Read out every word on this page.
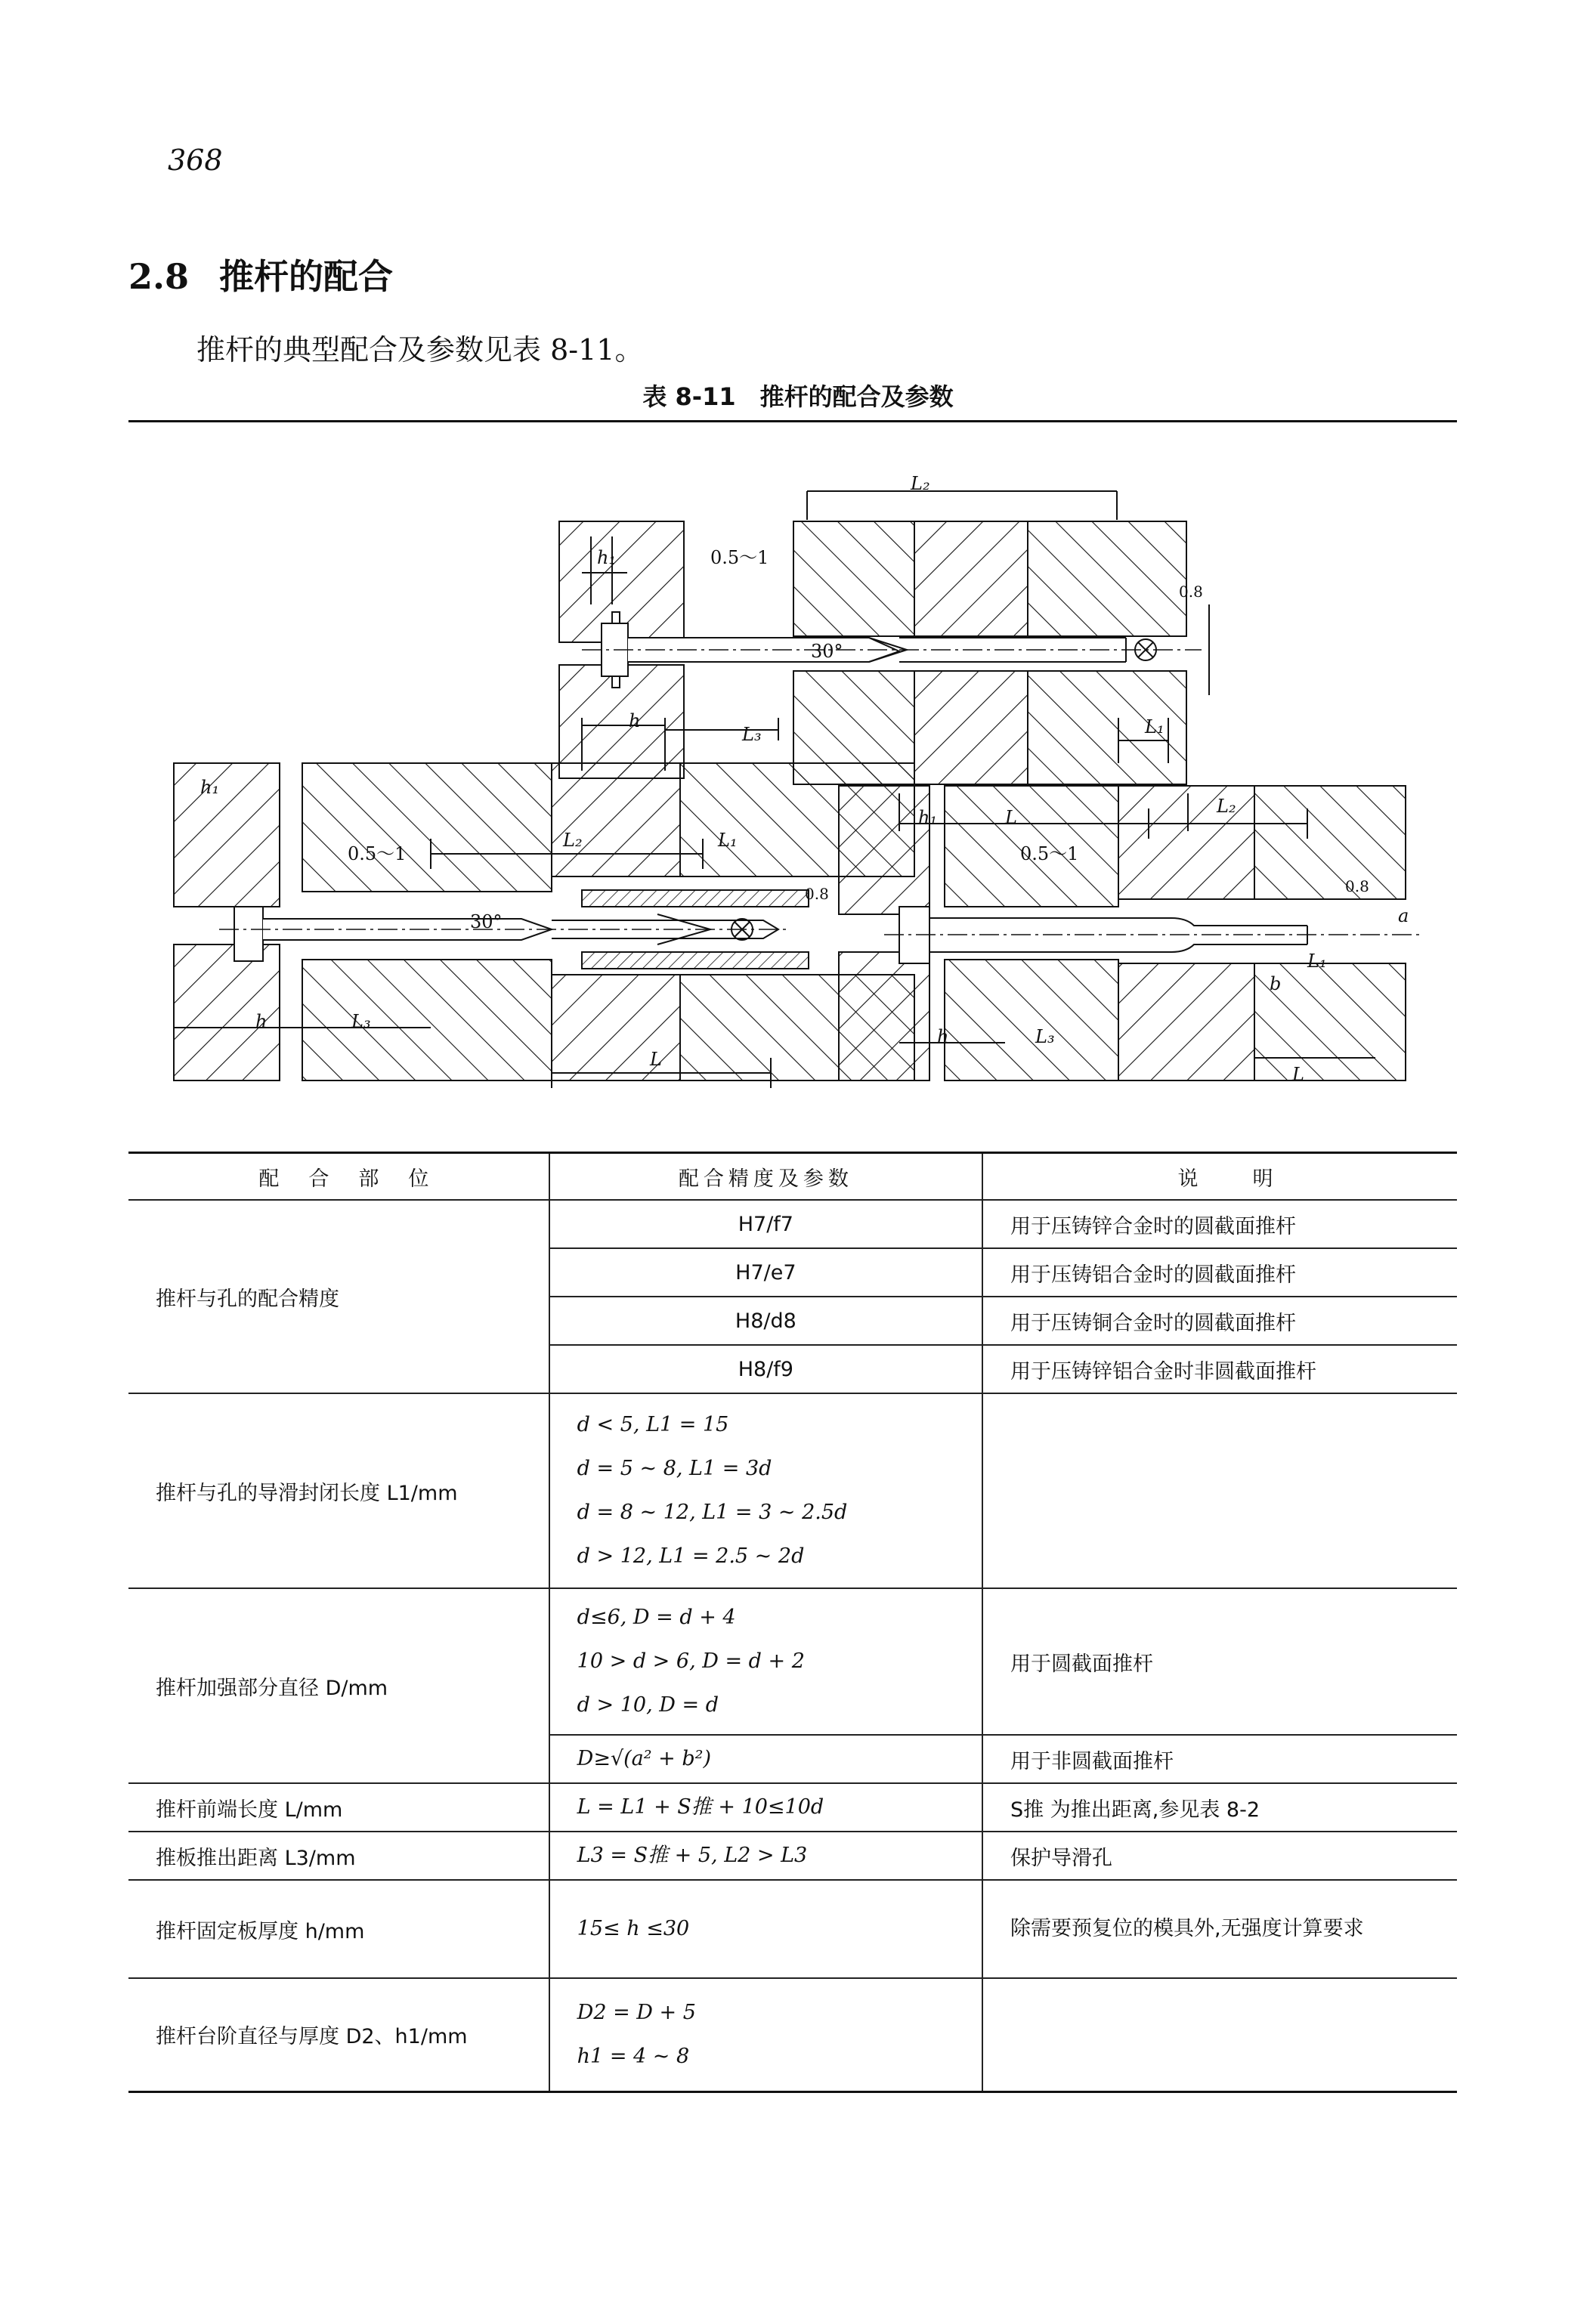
368
2.8 推杆的配合
推杆的典型配合及参数见表 8-11。
表 8-11　推杆的配合及参数
L₂
h₁	0.5～1
30°
h
L₃	L₁
0.8
h₁
0.5～1
L₂	L₁
30°
h	L₃
L
0.8
h₁
0.5～1
L₂
L₁
b
a
h	L₃
L
0.8
配　合　部　位	配合精度及参数	说　　明
推杆与孔的配合精度	H7/f7	用于压铸锌合金时的圆截面推杆
	H7/e7	用于压铸铝合金时的圆截面推杆
	H8/d8	用于压铸铜合金时的圆截面推杆
	H8/f9	用于压铸锌铝合金时非圆截面推杆
推杆与孔的导滑封闭长度 L1/mm	d < 5, L1 = 15
d = 5 ~ 8, L1 = 3d
d = 8 ~ 12, L1 = 3 ~ 2.5d
d > 12, L1 = 2.5 ~ 2d	

推杆加强部分直径 D/mm	d≤6, D = d + 4
10 > d > 6, D = d + 2
d > 10, D = d	用于圆截面推杆
	D≥√(a² + b²)	用于非圆截面推杆
推杆前端长度 L/mm	L = L1 + S推 + 10≤10d	S推 为推出距离,参见表 8-2
推板推出距离 L3/mm	L3 = S推 + 5, L2 > L3	保护导滑孔
推杆固定板厚度 h/mm	15≤ h ≤30	除需要预复位的模具外,无强度计算要求
推杆台阶直径与厚度 D2、h1/mm	D2 = D + 5
h1 = 4 ~ 8	
